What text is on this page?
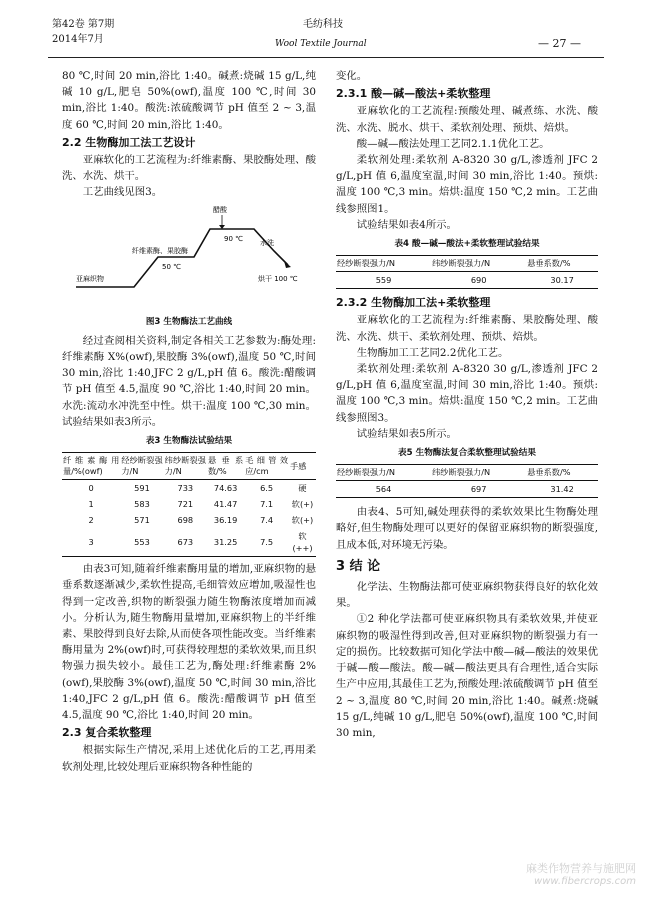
第42卷 第7期
2014年7月
毛纺科技
Wool Textile Journal	— 27 —

80 ℃,时间 20 min,浴比 1:40。碱煮:烧碱 15 g/L,纯碱 10 g/L,肥皂 50%(owf),温度 100 ℃,时间 30 min,浴比 1:40。酸洗:浓硫酸调节 pH 值至 2 ~ 3,温度 60 ℃,时间 20 min,浴比 1:40。

2.2 生物酶加工法工艺设计

亚麻软化的工艺流程为:纤维素酶、果胶酶处理、酸洗、水洗、烘干。

工艺曲线见图3。

亚麻织物
纤维素酶、果胶酶
50 ℃
醋酸
90 ℃ 水洗
烘干 100 ℃
图3 生物酶法工艺曲线

经过查阅相关资料,制定各相关工艺参数为:酶处理:纤维素酶 X%(owf),果胶酶 3%(owf),温度 50 ℃,时间 30 min,浴比 1:40,JFC 2 g/L,pH 值 6。酸洗:醋酸调节 pH 值至 4.5,温度 90 ℃,浴比 1:40,时间 20 min。水洗:流动水冲洗至中性。烘干:温度 100 ℃,30 min。试验结果如表3所示。

表3 生物酶法试验结果
纤维素酶用量/%(owf)	经纱断裂强力/N	纬纱断裂强力/N	悬垂系数/%	毛细管效应/cm	手感
0	591	733	74.63	6.5	硬
1	583	721	41.47	7.1	软(+)
2	571	698	36.19	7.4	软(+)
3	553	673	31.25	7.5	软(++)

由表3可知,随着纤维素酶用量的增加,亚麻织物的悬垂系数逐渐减少,柔软性提高,毛细管效应增加,吸湿性也得到一定改善,织物的断裂强力随生物酶浓度增加而减小。分析认为,随生物酶用量增加,亚麻织物上的半纤维素、果胶得到良好去除,从而使各项性能改变。当纤维素酶用量为 2%(owf)时,可获得较理想的柔软效果,而且织物强力损失较小。最佳工艺为,酶处理:纤维素酶 2%(owf),果胶酶 3%(owf),温度 50 ℃,时间 30 min,浴比 1:40,JFC 2 g/L,pH 值 6。酸洗:醋酸调节 pH 值至 4.5,温度 90 ℃,浴比 1:40,时间 20 min。

2.3 复合柔软整理

根据实际生产情况,采用上述优化后的工艺,再用柔软剂处理,比较处理后亚麻织物各种性能的

变化。

2.3.1 酸—碱—酸法+柔软整理

亚麻软化的工艺流程:预酸处理、碱煮练、水洗、酸洗、水洗、脱水、烘干、柔软剂处理、预烘、焙烘。

酸—碱—酸法处理工艺同2.1.1优化工艺。

柔软剂处理:柔软剂 A-8320 30 g/L,渗透剂 JFC 2 g/L,pH 值 6,温度室温,时间 30 min,浴比 1:40。预烘:温度 100 ℃,3 min。焙烘:温度 150 ℃,2 min。工艺曲线参照图1。

试验结果如表4所示。

表4 酸—碱—酸法+柔软整理试验结果
经纱断裂强力/N	纬纱断裂强力/N	悬垂系数/%
559	690	30.17
2.3.2 生物酶加工法+柔软整理

亚麻软化的工艺流程为:纤维素酶、果胶酶处理、酸洗、水洗、烘干、柔软剂处理、预烘、焙烘。

生物酶加工工艺同2.2优化工艺。

柔软剂处理:柔软剂 A-8320 30 g/L,渗透剂 JFC 2 g/L,pH 值 6,温度室温,时间 30 min,浴比 1:40。预烘:温度 100 ℃,3 min。焙烘:温度 150 ℃,2 min。工艺曲线参照图3。

试验结果如表5所示。

表5 生物酶法复合柔软整理试验结果
经纱断裂强力/N	纬纱断裂强力/N	悬垂系数/%
564	697	31.42

由表4、5可知,碱处理获得的柔软效果比生物酶处理略好,但生物酶处理可以更好的保留亚麻织物的断裂强度,且成本低,对环境无污染。

3 结 论

化学法、生物酶法都可使亚麻织物获得良好的软化效果。

①2 种化学法都可使亚麻织物具有柔软效果,并使亚麻织物的吸湿性得到改善,但对亚麻织物的断裂强力有一定的损伤。比较数据可知化学法中酸—碱—酸法的效果优于碱—酸—酸法。酸—碱—酸法更具有合理性,适合实际生产中应用,其最佳工艺为,预酸处理:浓硫酸调节 pH 值至 2 ~ 3,温度 80 ℃,时间 20 min,浴比 1:40。碱煮:烧碱 15 g/L,纯碱 10 g/L,肥皂 50%(owf),温度 100 ℃,时间 30 min,

麻类作物营养与施肥网
www.fibercrops.com
